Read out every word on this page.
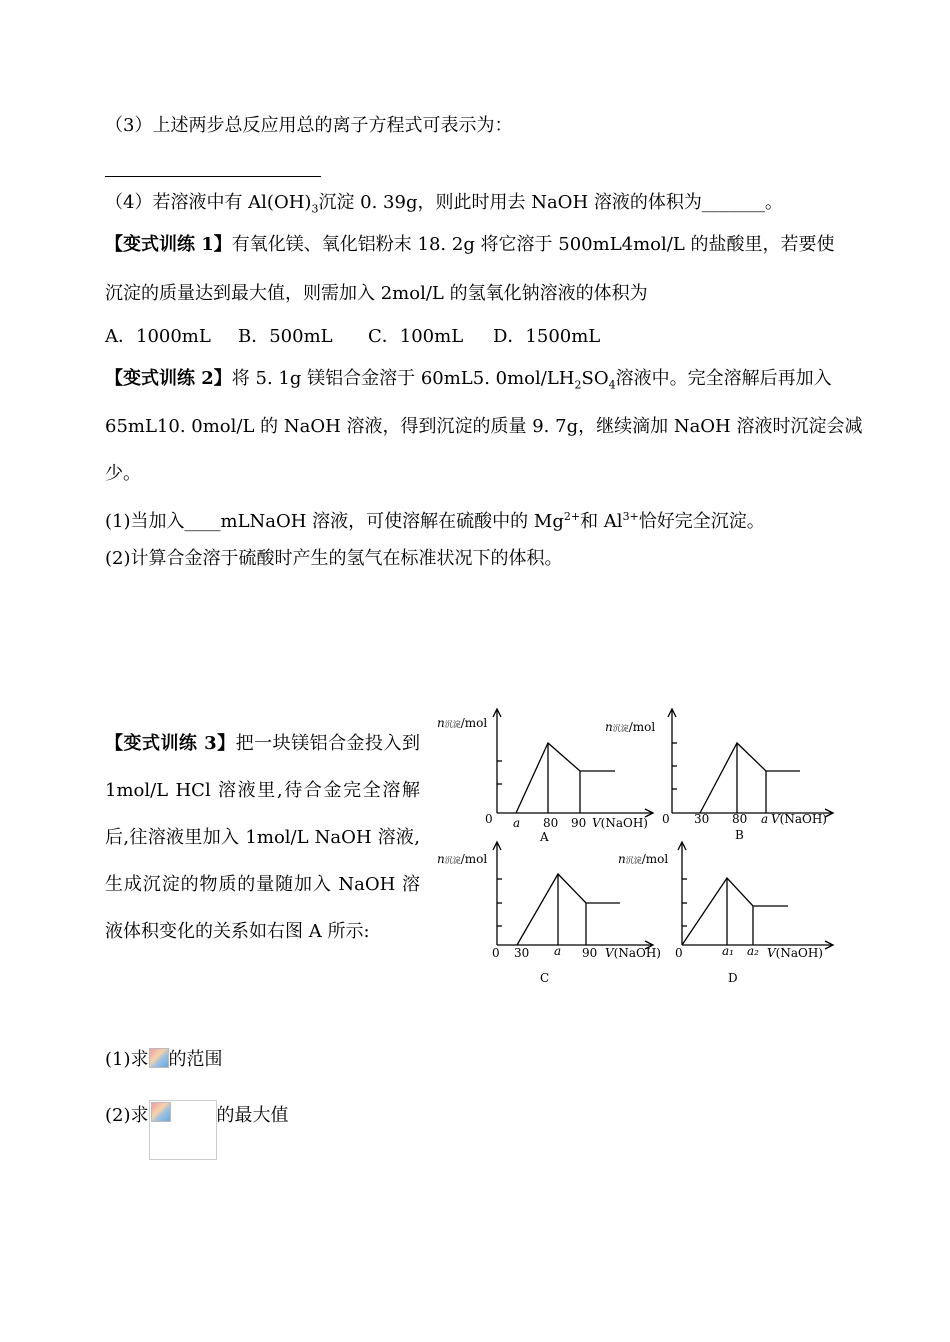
（3）上述两步总反应用总的离子方程式可表示为：
（4）若溶液中有 $Al(OH)_3$沉淀 0. 39g，则此时用去 NaOH 溶液的体积为_______。
【变式训练 1】有氧化镁、氧化铝粉末 18. 2g 将它溶于 500mL4mol/L 的盐酸里，若要使
沉淀的质量达到最大值，则需加入 2mol/L 的氢氧化钠溶液的体积为
A．1000mL B．500mL C．100mL D．1500mL
【变式训练 2】将 5. 1g 镁铝合金溶于 60mL5. $0mol/LH_2SO_4$溶液中。完全溶解后再加入
65mL10. 0mol/L 的 NaOH 溶液，得到沉淀的质量 9. 7g，继续滴加 NaOH 溶液时沉淀会减
少。
(1)当加入____mLNaOH 溶液，可使溶解在硫酸中的 $Mg^{2+}$和 $Al^{3+}$恰好完全沉淀。
(2)计算合金溶于硫酸时产生的氢气在标准状况下的体积。
【变式训练 3】把一块镁铝合金投入到 1mol/L HCl 溶液里,待合金完全溶解后,往溶液里加入 1mol/L NaOH 溶液,生成沉淀的物质的量随加入 NaOH 溶液体积变化的关系如右图 A 所示:
n沉淀/mol
0 a 80 90 V(NaOH)
A
n沉淀/mol
0 30 80 a V(NaOH)
B
n沉淀/mol
0 30 a 90 V(NaOH)
C
n沉淀/mol
0	a₁ a₂ V(NaOH)
D
(1)求 的范围
(2)求	的最大值
